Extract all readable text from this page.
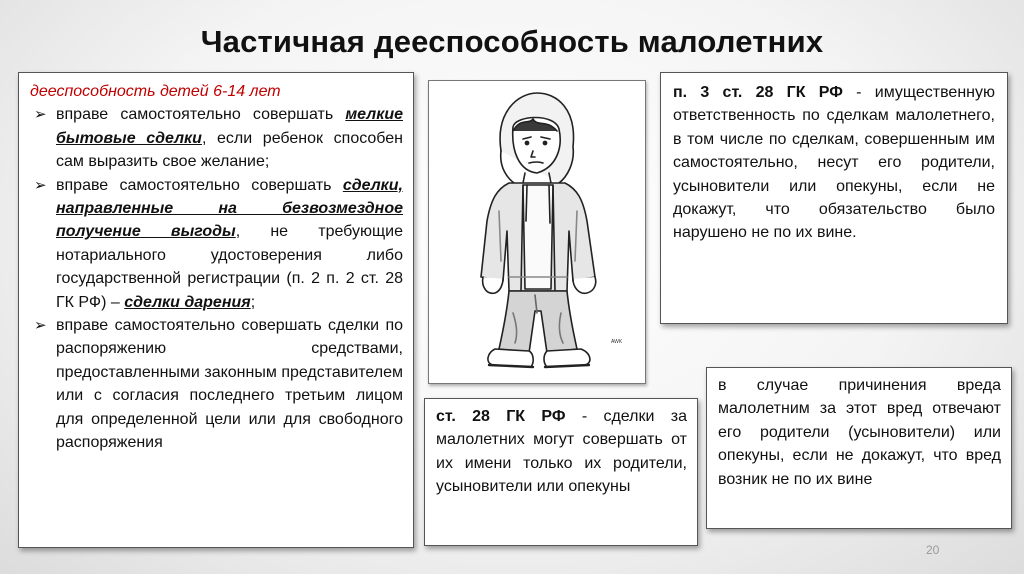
Частичная дееспособность малолетних
дееспособность детей 6-14 лет
➢ вправе самостоятельно совершать мелкие бытовые сделки, если ребенок способен сам выразить свое желание;
➢ вправе самостоятельно совершать сделки, направленные на безвозмездное получение выгоды, не требующие нотариального удостоверения либо государственной регистрации (п. 2 п. 2 ст. 28 ГК РФ) – сделки дарения;
➢ вправе самостоятельно совершать сделки по распоряжению средствами, предоставленными законным представителем или с согласия последнего третьим лицом для определенной цели или для свободного распоряжения
AWK
п. 3 ст. 28 ГК РФ - имущественную ответственность по сделкам малолетнего, в том числе по сделкам, совершенным им самостоятельно, несут его родители, усыновители или опекуны, если не докажут, что обязательство было нарушено не по их вине.
ст. 28 ГК РФ - сделки за малолетних могут совершать от их имени только их родители, усыновители или опекуны
в случае причинения вреда малолетним за этот вред отвечают его родители (усыновители) или опекуны, если не докажут, что вред возник не по их вине
20
